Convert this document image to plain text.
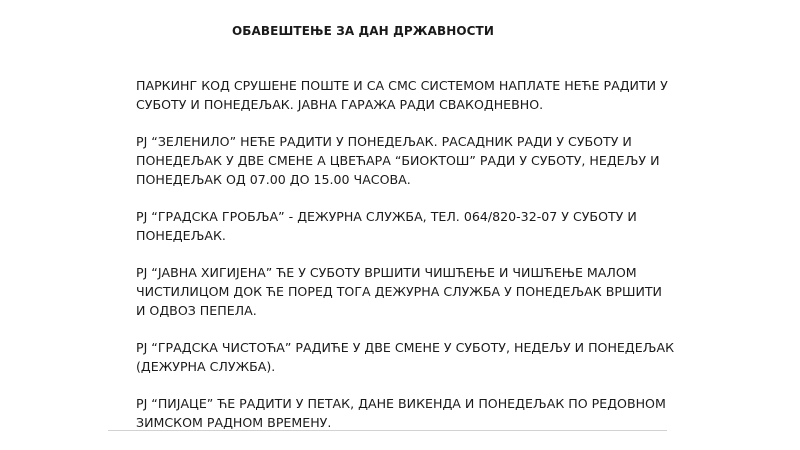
ОБАВЕШТЕЊЕ ЗА ДАН ДРЖАВНОСТИ

ПАРКИНГ КОД СРУШЕНЕ ПОШТЕ И СА СМС СИСТЕМОМ НАПЛАТЕ НЕЋЕ РАДИТИ У
СУБОТУ И ПОНЕДЕЉАК. ЈАВНА ГАРАЖА РАДИ СВАКОДНЕВНО.

РЈ “ЗЕЛЕНИЛО” НЕЋЕ РАДИТИ У ПОНЕДЕЉАК. РАСАДНИК РАДИ У СУБОТУ И
ПОНЕДЕЉАК У ДВЕ СМЕНЕ А ЦВЕЋАРА “БИОКТОШ” РАДИ У СУБОТУ, НЕДЕЉУ И
ПОНЕДЕЉАК ОД 07.00 ДО 15.00 ЧАСОВА.

РЈ “ГРАДСКА ГРОБЉА” - ДЕЖУРНА СЛУЖБА, ТЕЛ. 064/820-32-07 У СУБОТУ И
ПОНЕДЕЉАК.

РЈ “ЈАВНА ХИГИЈЕНА” ЋЕ У СУБОТУ ВРШИТИ ЧИШЋЕЊЕ И ЧИШЋЕЊЕ МАЛОМ
ЧИСТИЛИЦОМ ДОК ЋЕ ПОРЕД ТОГА ДЕЖУРНА СЛУЖБА У ПОНЕДЕЉАК ВРШИТИ
И ОДВОЗ ПЕПЕЛА.

РЈ “ГРАДСКА ЧИСТОЋА” РАДИЋЕ У ДВЕ СМЕНЕ У СУБОТУ, НЕДЕЉУ И ПОНЕДЕЉАК
(ДЕЖУРНА СЛУЖБА).

РЈ “ПИЈАЦЕ” ЋЕ РАДИТИ У ПЕТАК, ДАНЕ ВИКЕНДА И ПОНЕДЕЉАК ПО РЕДОВНОМ
ЗИМСКОМ РАДНОМ ВРЕМЕНУ.
